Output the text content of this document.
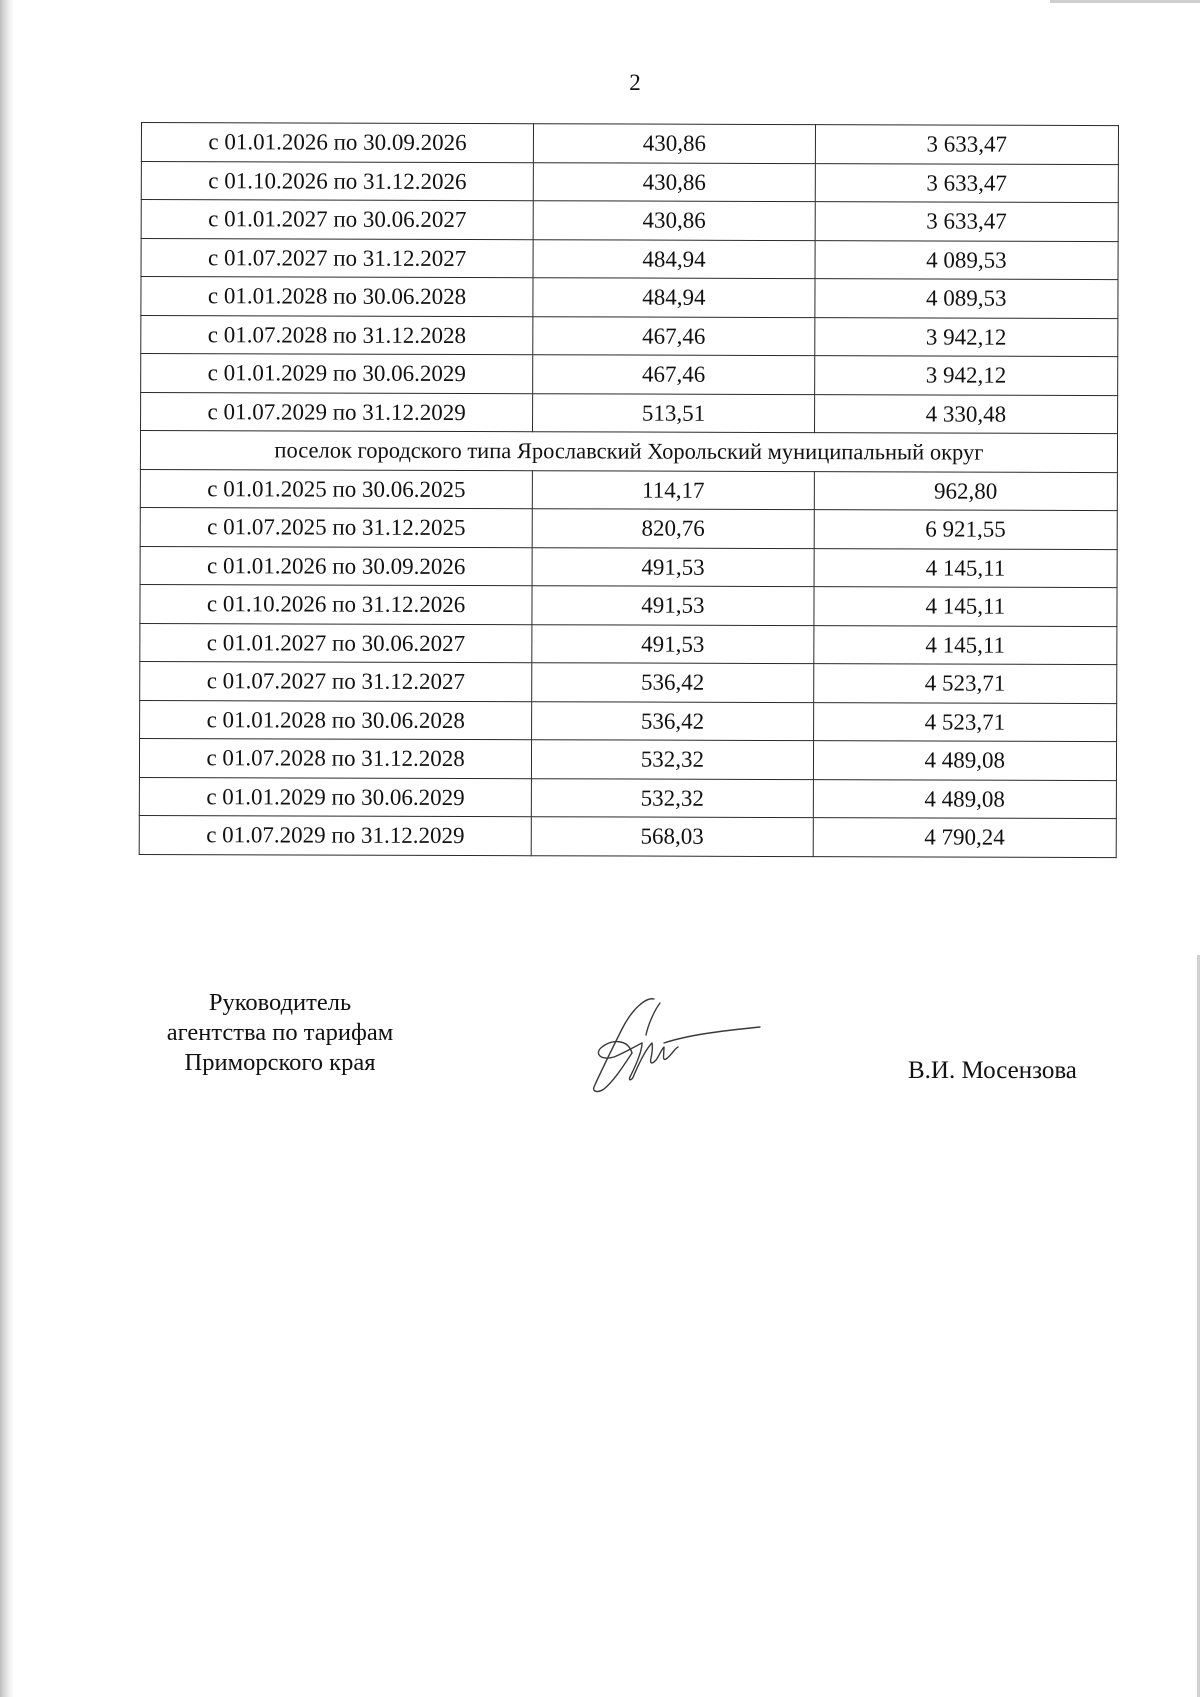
2
с 01.01.2026 по 30.09.2026	430,86	3 633,47
с 01.10.2026 по 31.12.2026	430,86	3 633,47
с 01.01.2027 по 30.06.2027	430,86	3 633,47
с 01.07.2027 по 31.12.2027	484,94	4 089,53
с 01.01.2028 по 30.06.2028	484,94	4 089,53
с 01.07.2028 по 31.12.2028	467,46	3 942,12
с 01.01.2029 по 30.06.2029	467,46	3 942,12
с 01.07.2029 по 31.12.2029	513,51	4 330,48
поселок городского типа Ярославский Хорольский муниципальный округ		
с 01.01.2025 по 30.06.2025	114,17	962,80
с 01.07.2025 по 31.12.2025	820,76	6 921,55
с 01.01.2026 по 30.09.2026	491,53	4 145,11
с 01.10.2026 по 31.12.2026	491,53	4 145,11
с 01.01.2027 по 30.06.2027	491,53	4 145,11
с 01.07.2027 по 31.12.2027	536,42	4 523,71
с 01.01.2028 по 30.06.2028	536,42	4 523,71
с 01.07.2028 по 31.12.2028	532,32	4 489,08
с 01.01.2029 по 30.06.2029	532,32	4 489,08
с 01.07.2029 по 31.12.2029	568,03	4 790,24
Руководитель
агентства по тарифам
Приморского края	В.И. Мосензова
